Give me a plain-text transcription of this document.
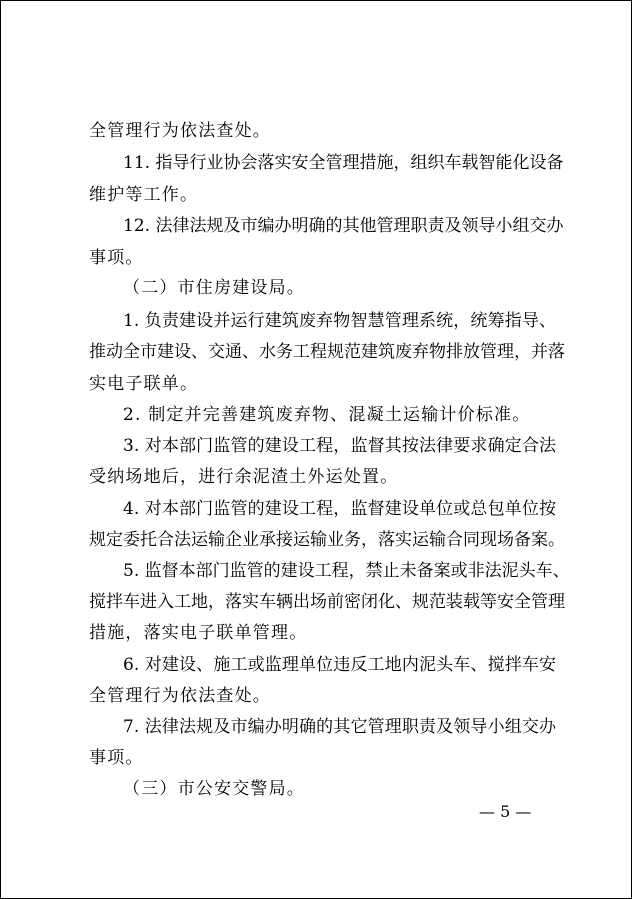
全管理行为依法查处。
11. 指导行业协会落实安全管理措施，组织车载智能化设备
维护等工作。
12. 法律法规及市编办明确的其他管理职责及领导小组交办
事项。
（二）市住房建设局。
1. 负责建设并运行建筑废弃物智慧管理系统，统筹指导、
推动全市建设、交通、水务工程规范建筑废弃物排放管理，并落
实电子联单。
2. 制定并完善建筑废弃物、混凝土运输计价标准。
3. 对本部门监管的建设工程，监督其按法律要求确定合法
受纳场地后，进行余泥渣土外运处置。
4. 对本部门监管的建设工程，监督建设单位或总包单位按
规定委托合法运输企业承接运输业务，落实运输合同现场备案。
5. 监督本部门监管的建设工程，禁止未备案或非法泥头车、
搅拌车进入工地，落实车辆出场前密闭化、规范装载等安全管理
措施，落实电子联单管理。
6. 对建设、施工或监理单位违反工地内泥头车、搅拌车安
全管理行为依法查处。
7. 法律法规及市编办明确的其它管理职责及领导小组交办
事项。
（三）市公安交警局。
— 5 —
